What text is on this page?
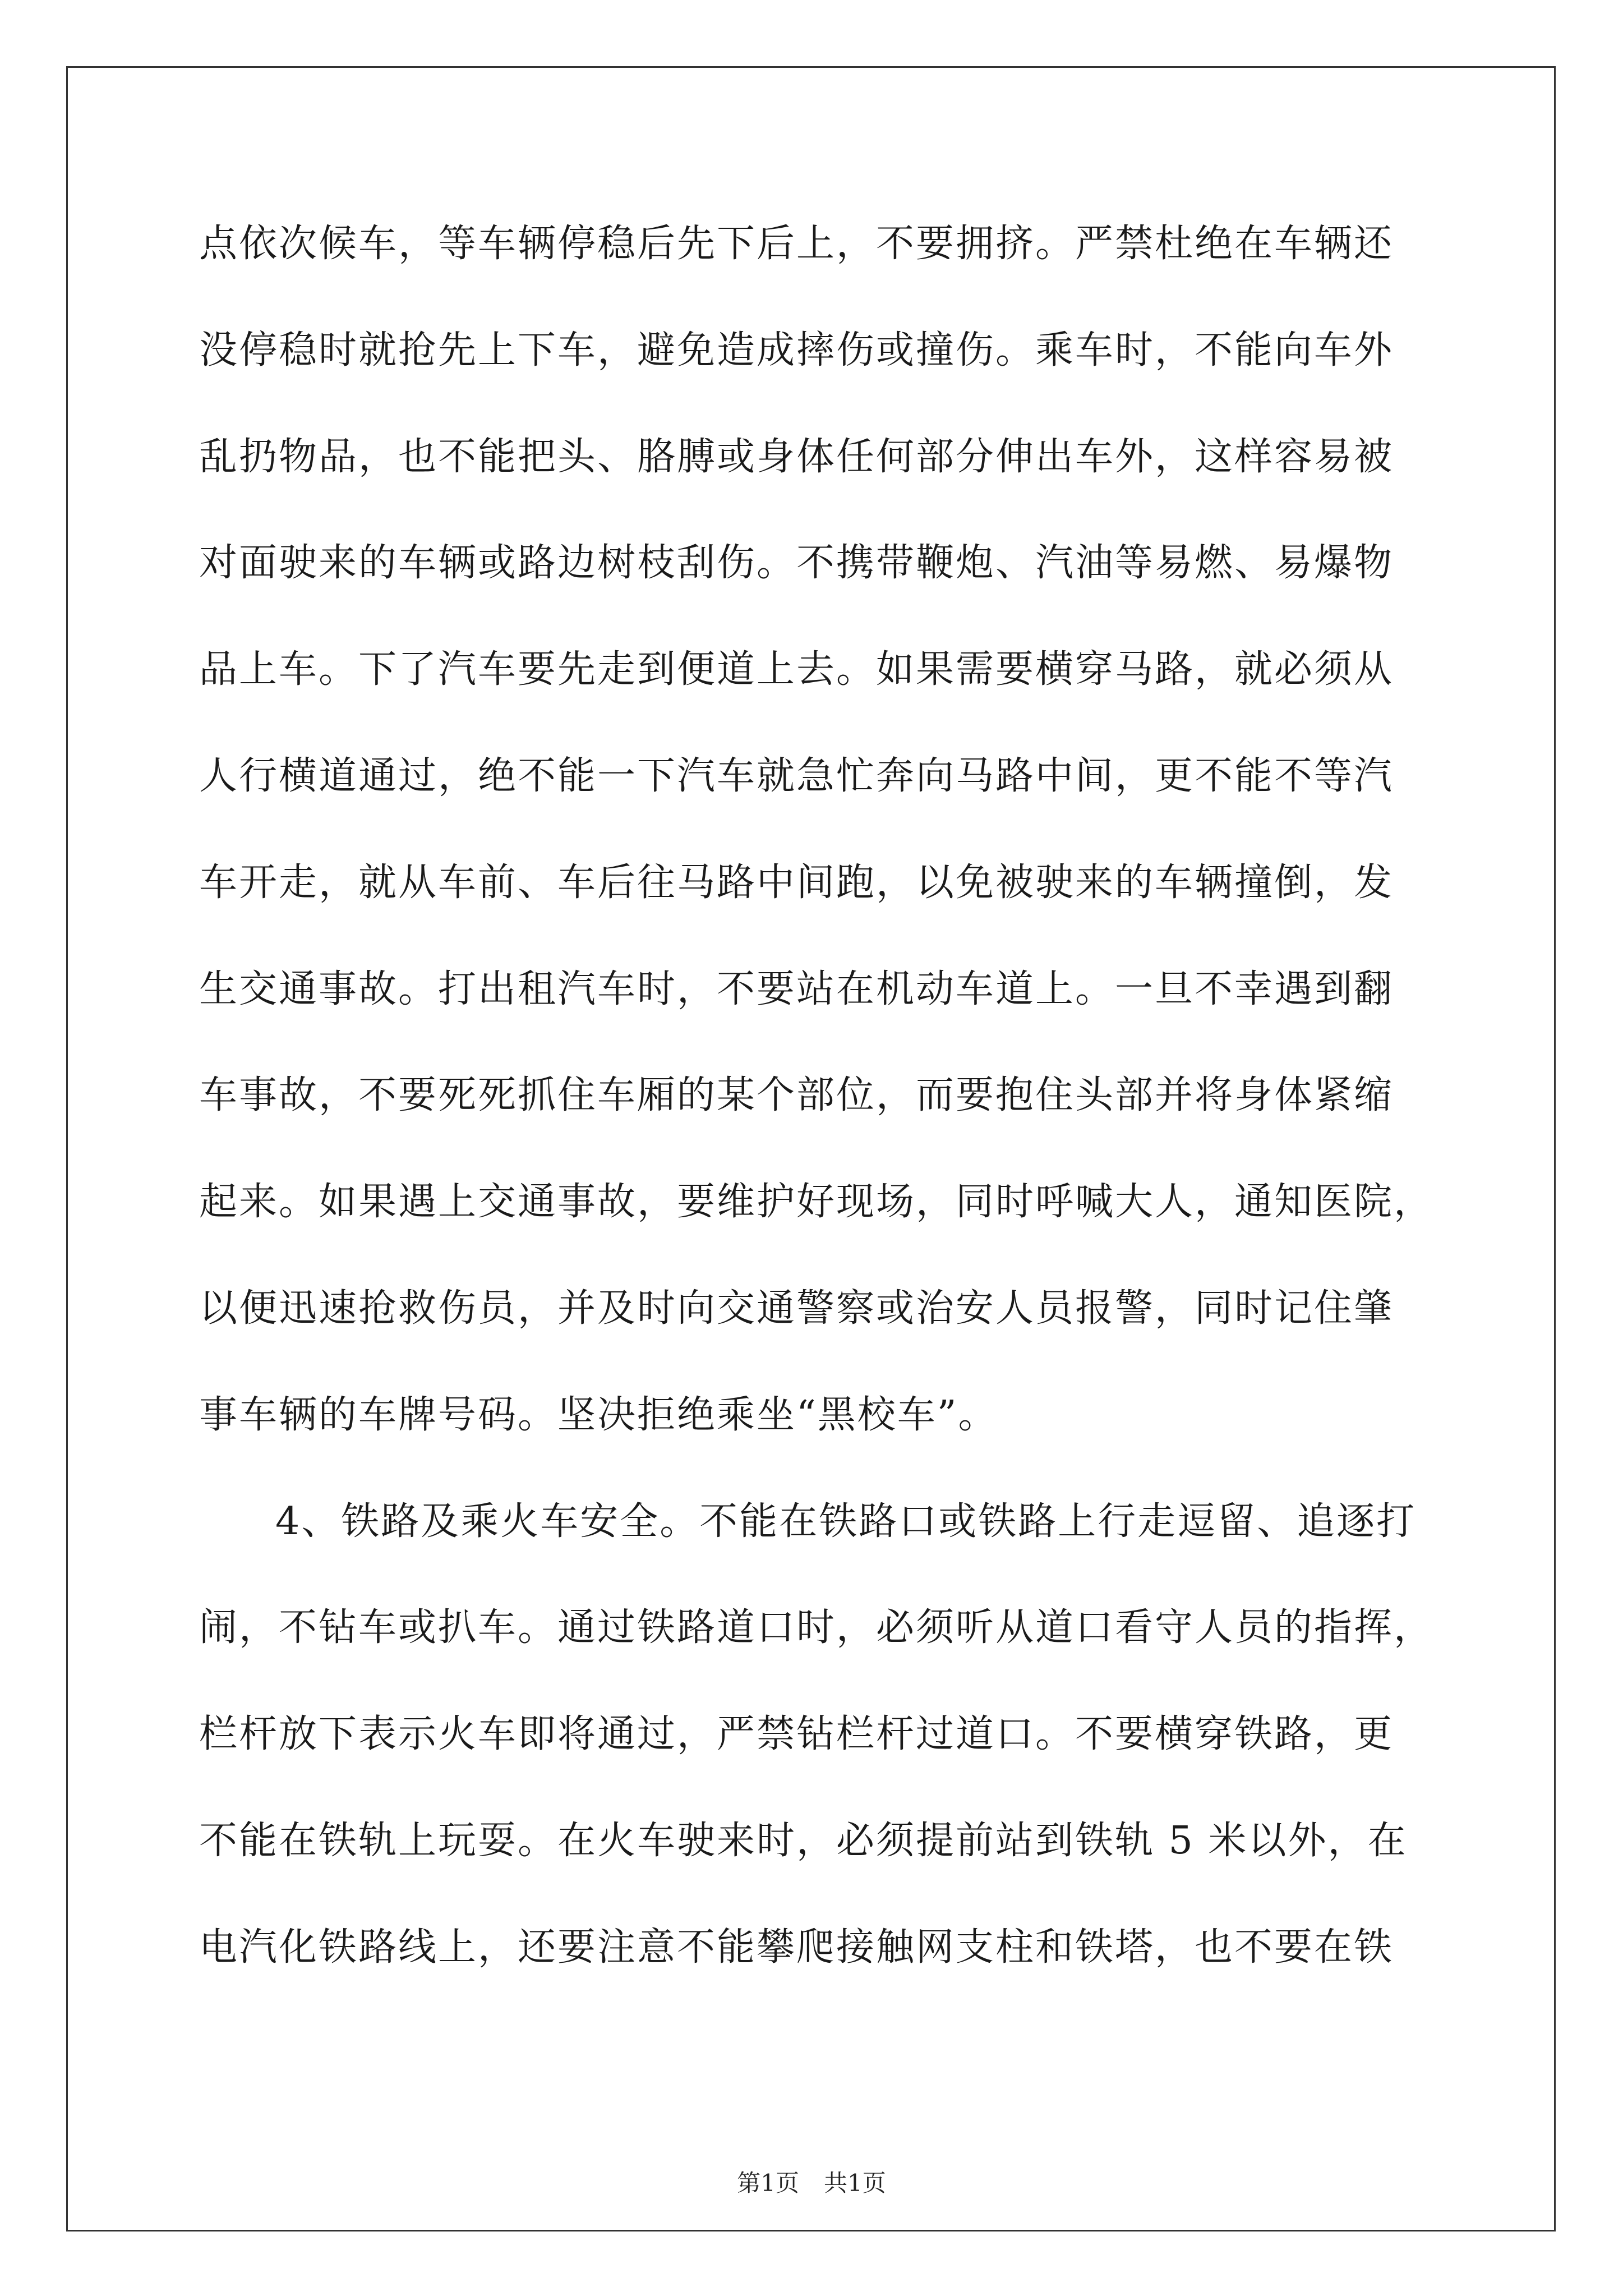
点依次候车，等车辆停稳后先下后上，不要拥挤。严禁杜绝在车辆还
没停稳时就抢先上下车，避免造成摔伤或撞伤。乘车时，不能向车外
乱扔物品，也不能把头、胳膊或身体任何部分伸出车外，这样容易被
对面驶来的车辆或路边树枝刮伤。不携带鞭炮、汽油等易燃、易爆物
品上车。下了汽车要先走到便道上去。如果需要横穿马路，就必须从
人行横道通过，绝不能一下汽车就急忙奔向马路中间，更不能不等汽
车开走，就从车前、车后往马路中间跑，以免被驶来的车辆撞倒，发
生交通事故。打出租汽车时，不要站在机动车道上。一旦不幸遇到翻
车事故，不要死死抓住车厢的某个部位，而要抱住头部并将身体紧缩
起来。如果遇上交通事故，要维护好现场，同时呼喊大人，通知医院，
以便迅速抢救伤员，并及时向交通警察或治安人员报警，同时记住肇
事车辆的车牌号码。坚决拒绝乘坐“黑校车”。
4、铁路及乘火车安全。不能在铁路口或铁路上行走逗留、追逐打
闹，不钻车或扒车。通过铁路道口时，必须听从道口看守人员的指挥，
栏杆放下表示火车即将通过，严禁钻栏杆过道口。不要横穿铁路，更
不能在铁轨上玩耍。在火车驶来时，必须提前站到铁轨 5 米以外，在
电汽化铁路线上，还要注意不能攀爬接触网支柱和铁塔，也不要在铁
第1页 共1页
